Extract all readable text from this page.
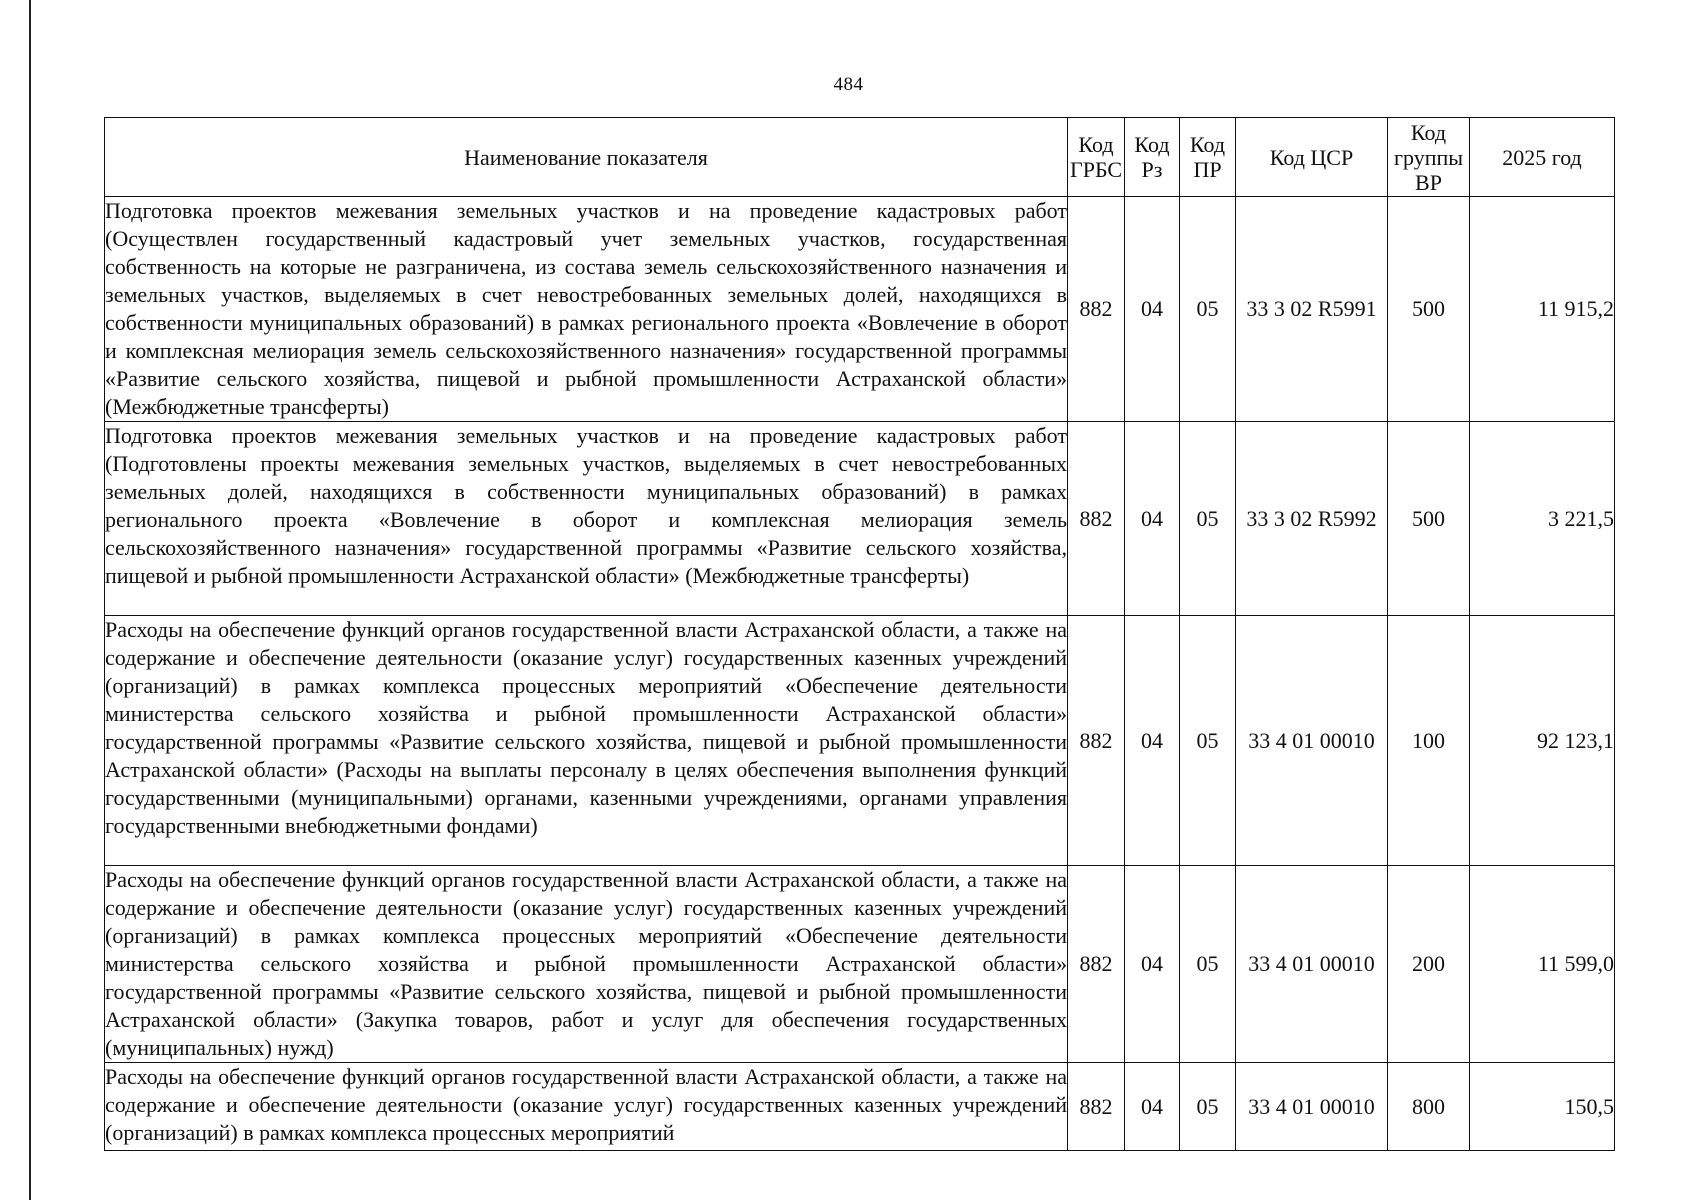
484
Наименование показателя	Код ГРБС	Код Рз	Код ПР	Код ЦСР	Код группы ВР	2025 год
Подготовка проектов межевания земельных участков и на проведение кадастровых работ (Осуществлен государственный кадастровый учет земельных участков, государственная собственность на которые не разграничена, из состава земель сельскохозяйственного назначения и земельных участков, выделяемых в счет невостребованных земельных долей, находящихся в собственности муниципальных образований) в рамках регионального проекта «Вовлечение в оборот и комплексная мелиорация земель сельскохозяйственного назначения» государственной программы «Развитие сельского хозяйства, пищевой и рыбной промышленности Астраханской области» (Межбюджетные трансферты)	882	04	05	33 3 02 R5991	500	11 915,2
Подготовка проектов межевания земельных участков и на проведение кадастровых работ (Подготовлены проекты межевания земельных участков, выделяемых в счет невостребованных земельных долей, находящихся в собственности муниципальных образований) в рамках регионального проекта «Вовлечение в оборот и комплексная мелиорация земель сельскохозяйственного назначения» государственной программы «Развитие сельского хозяйства, пищевой и рыбной промышленности Астраханской области» (Межбюджетные трансферты)	882	04	05	33 3 02 R5992	500	3 221,5
Расходы на обеспечение функций органов государственной власти Астраханской области, а также на содержание и обеспечение деятельности (оказание услуг) государственных казенных учреждений (организаций) в рамках комплекса процессных мероприятий «Обеспечение деятельности министерства сельского хозяйства и рыбной промышленности Астраханской области» государственной программы «Развитие сельского хозяйства, пищевой и рыбной промышленности Астраханской области» (Расходы на выплаты персоналу в целях обеспечения выполнения функций государственными (муниципальными) органами, казенными учреждениями, органами управления государственными внебюджетными фондами)	882	04	05	33 4 01 00010	100	92 123,1
Расходы на обеспечение функций органов государственной власти Астраханской области, а также на содержание и обеспечение деятельности (оказание услуг) государственных казенных учреждений (организаций) в рамках комплекса процессных мероприятий «Обеспечение деятельности министерства сельского хозяйства и рыбной промышленности Астраханской области» государственной программы «Развитие сельского хозяйства, пищевой и рыбной промышленности Астраханской области» (Закупка товаров, работ и услуг для обеспечения государственных (муниципальных) нужд)	882	04	05	33 4 01 00010	200	11 599,0

Расходы на обеспечение функций органов государственной власти Астраханской области, а также на содержание и обеспечение деятельности (оказание услуг) государственных казенных учреждений (организаций) в рамках комплекса процессных мероприятий	882	04	05	33 4 01 00010	800	150,5
